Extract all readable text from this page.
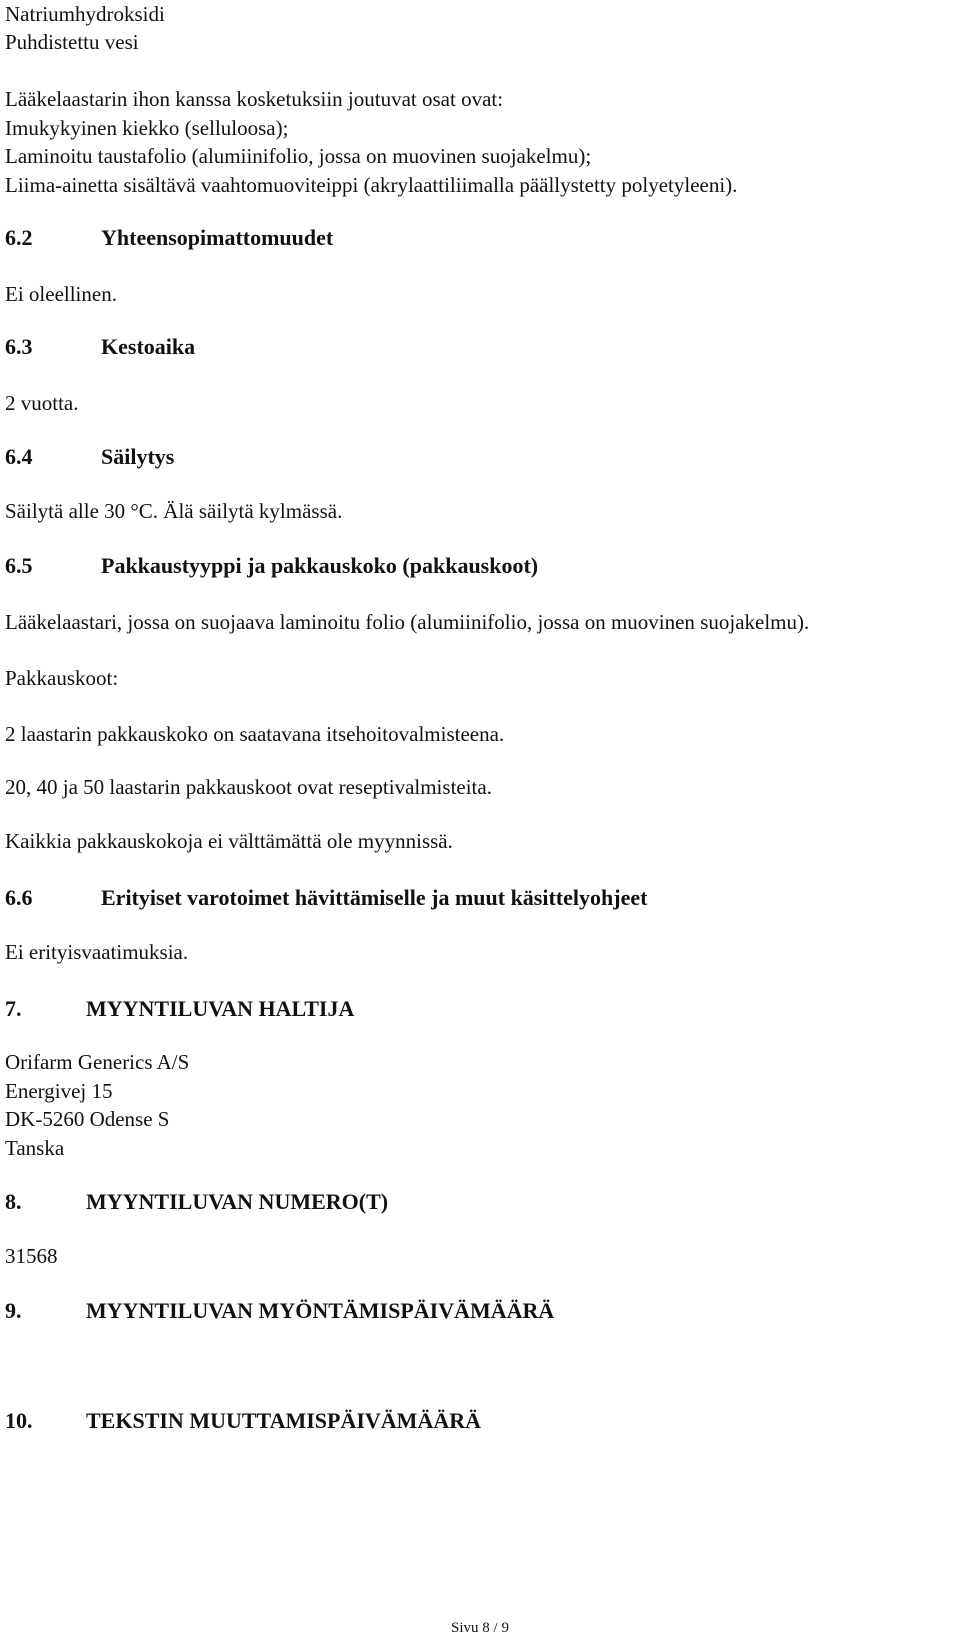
Natriumhydroksidi

Puhdistettu vesi

Lääkelaastarin ihon kanssa kosketuksiin joutuvat osat ovat:

Imukykyinen kiekko (selluloosa);

Laminoitu taustafolio (alumiinifolio, jossa on muovinen suojakelmu);

Liima-ainetta sisältävä vaahtomuoviteippi (akrylaattiliimalla päällystetty polyetyleeni).

6.2	Yhteensopimattomuudet

Ei oleellinen.

6.3	Kestoaika

2 vuotta.

6.4	Säilytys

Säilytä alle 30 °C. Älä säilytä kylmässä.

6.5	Pakkaustyyppi ja pakkauskoko (pakkauskoot)

Lääkelaastari, jossa on suojaava laminoitu folio (alumiinifolio, jossa on muovinen suojakelmu).

Pakkauskoot:

2 laastarin pakkauskoko on saatavana itsehoitovalmisteena.

20, 40 ja 50 laastarin pakkauskoot ovat reseptivalmisteita.

Kaikkia pakkauskokoja ei välttämättä ole myynnissä.

6.6	Erityiset varotoimet hävittämiselle ja muut käsittelyohjeet

Ei erityisvaatimuksia.

7.	MYYNTILUVAN HALTIJA

Orifarm Generics A/S

Energivej 15

DK-5260 Odense S

Tanska

8.	MYYNTILUVAN NUMERO(T)

31568

9.	MYYNTILUVAN MYÖNTÄMISPÄIVÄMÄÄRÄ

10. TEKSTIN MUUTTAMISPÄIVÄMÄÄRÄ

Sivu 8 / 9
